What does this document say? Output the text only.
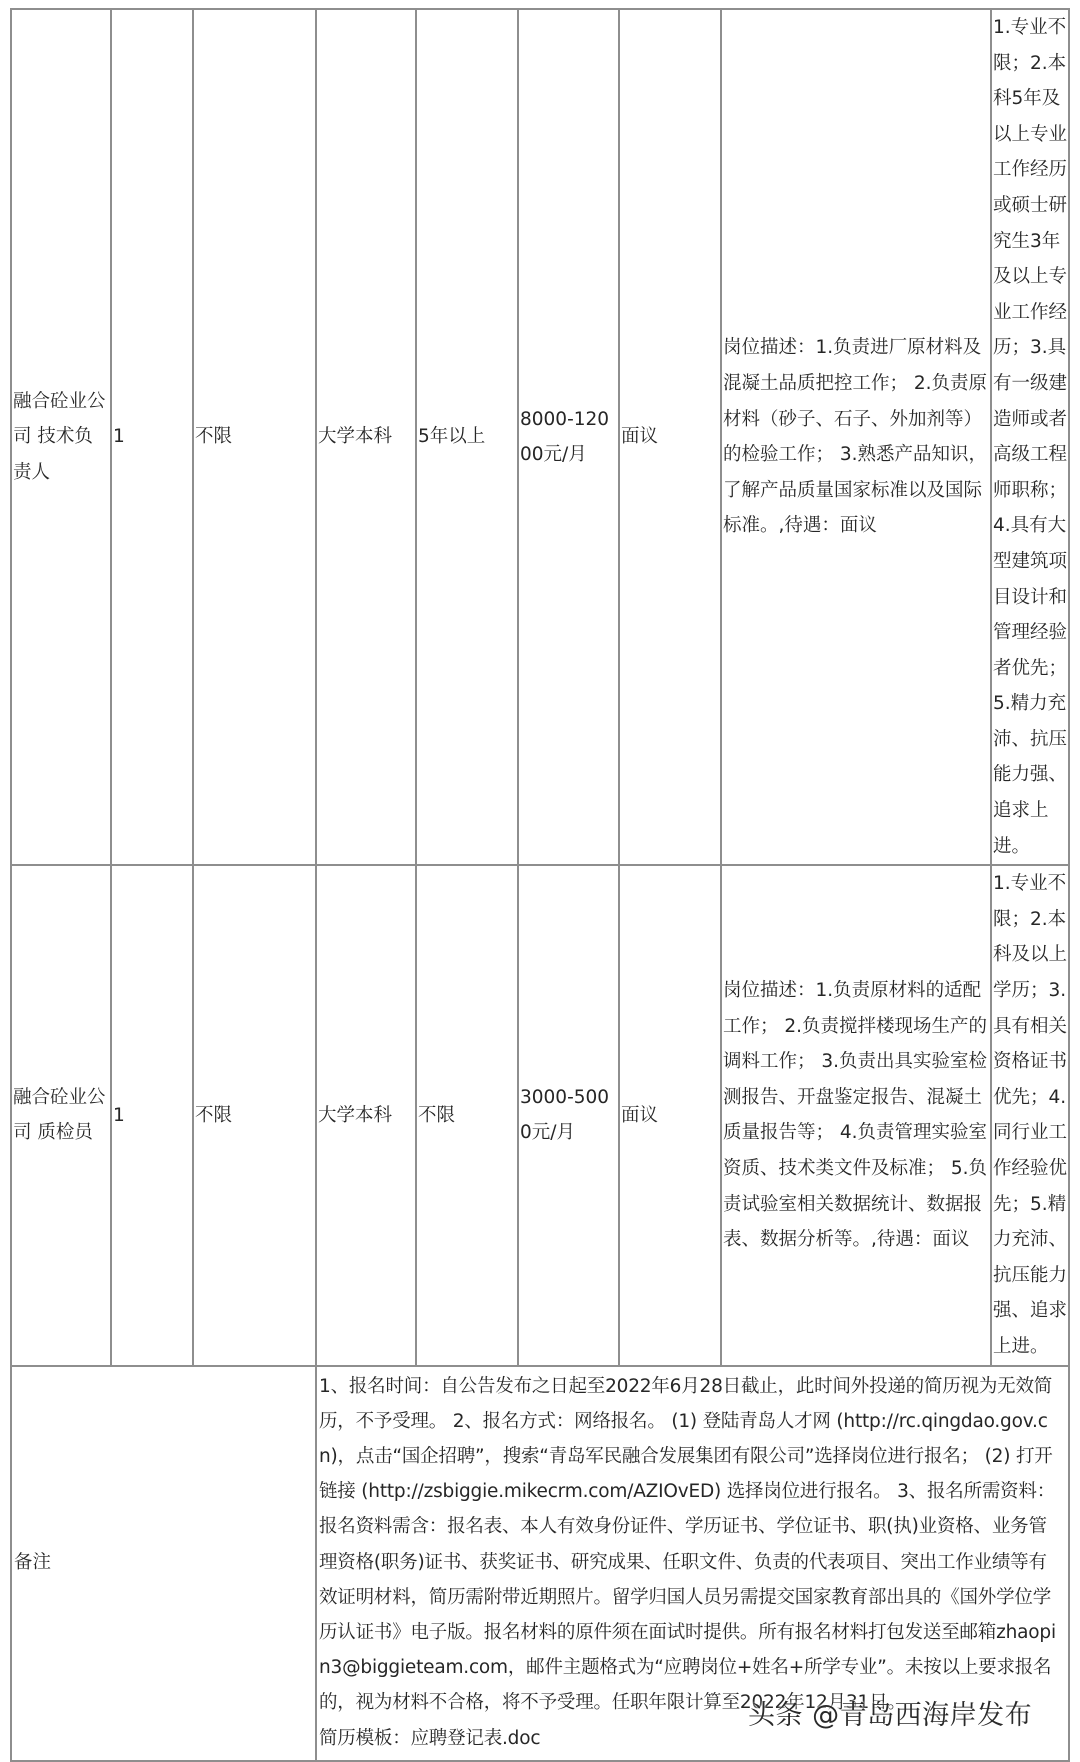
融合砼业公司 技术负责人	1	不限	大学本科	5年以上	8000-12000元/月	面议	岗位描述：1.负责进厂原材料及混凝土品质把控工作； 2.负责原材料（砂子、石子、外加剂等）的检验工作； 3.熟悉产品知识，了解产品质量国家标准以及国际标准。,待遇：面议	1.专业不限；2.本科5年及以上专业工作经历或硕士研究生3年及以上专业工作经历；3.具有一级建造师或者高级工程师职称；4.具有大型建筑项目设计和管理经验者优先；5.精力充沛、抗压能力强、追求上进。
融合砼业公司 质检员	1	不限	大学本科	不限	3000-5000元/月	面议	岗位描述：1.负责原材料的适配工作； 2.负责搅拌楼现场生产的调料工作； 3.负责出具实验室检测报告、开盘鉴定报告、混凝土质量报告等； 4.负责管理实验室资质、技术类文件及标准； 5.负责试验室相关数据统计、数据报表、数据分析等。,待遇：面议	1.专业不限；2.本科及以上学历；3.具有相关资格证书优先；4.同行业工作经验优先；5.精力充沛、抗压能力强、追求上进。
备注			1、报名时间：自公告发布之日起至2022年6月28日截止，此时间外投递的简历视为无效简历，不予受理。 2、报名方式：网络报名。 (1) 登陆青岛人才网 (http://rc.qingdao.gov.cn)，点击“国企招聘”，搜索“青岛军民融合发展集团有限公司”选择岗位进行报名； (2) 打开链接 (http://zsbiggie.mikecrm.com/AZIOvED) 选择岗位进行报名。 3、报名所需资料： 报名资料需含：报名表、本人有效身份证件、学历证书、学位证书、职(执)业资格、业务管理资格(职务)证书、获奖证书、研究成果、任职文件、负责的代表项目、突出工作业绩等有效证明材料，简历需附带近期照片。留学归国人员另需提交国家教育部出具的《国外学位学历认证书》电子版。报名材料的原件须在面试时提供。所有报名材料打包发送至邮箱zhaopin3@biggieteam.com，邮件主题格式为“应聘岗位+姓名+所学专业”。未按以上要求报名的，视为材料不合格，将不予受理。任职年限计算至2022年12月31日。
简历模板：应聘登记表.doc					
头条 @青岛西海岸发布
